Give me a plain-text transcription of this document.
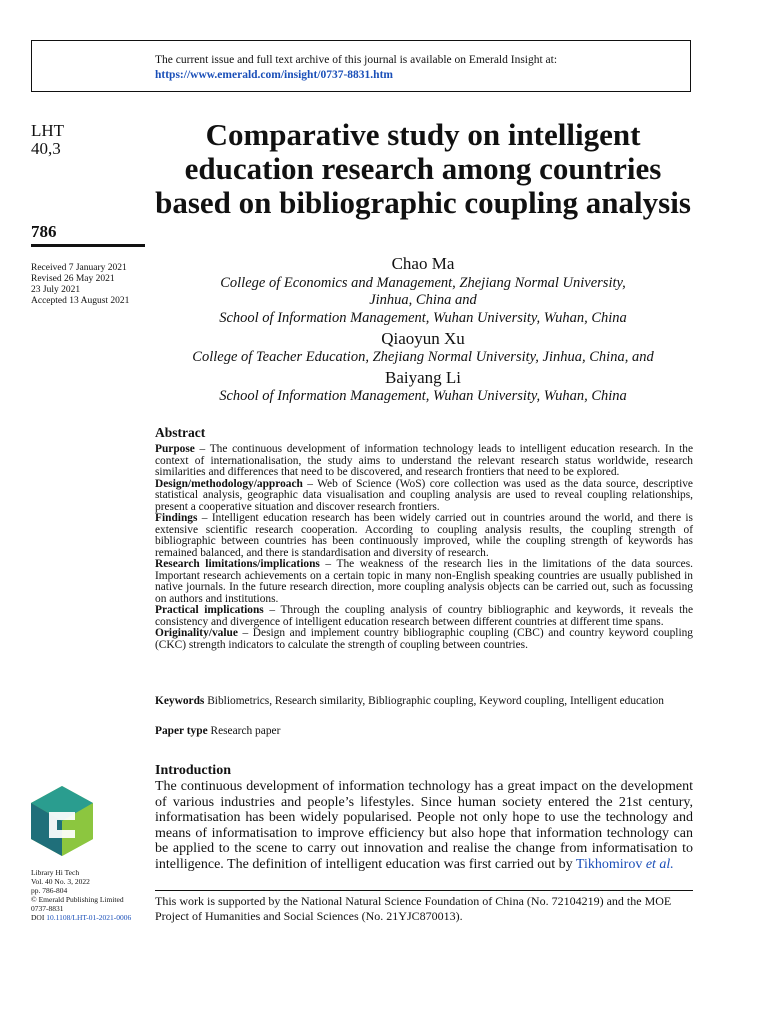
The current issue and full text archive of this journal is available on Emerald Insight at:
https://www.emerald.com/insight/0737-8831.htm
LHT
40,3
786
Received 7 January 2021
Revised 26 May 2021
23 July 2021
Accepted 13 August 2021
Comparative study on intelligent education research among countries based on bibliographic coupling analysis
Chao Ma
College of Economics and Management, Zhejiang Normal University,
Jinhua, China and
School of Information Management, Wuhan University, Wuhan, China
Qiaoyun Xu
College of Teacher Education, Zhejiang Normal University, Jinhua, China, and
Baiyang Li
School of Information Management, Wuhan University, Wuhan, China
Abstract

Purpose – The continuous development of information technology leads to intelligent education research. In the context of internationalisation, the study aims to understand the relevant research status worldwide, research similarities and differences that need to be discovered, and research frontiers that need to be explored.

Design/methodology/approach – Web of Science (WoS) core collection was used as the data source, descriptive statistical analysis, geographic data visualisation and coupling analysis are used to reveal coupling relationships, present a cooperative situation and discover research frontiers.

Findings – Intelligent education research has been widely carried out in countries around the world, and there is extensive scientific research cooperation. According to coupling analysis results, the coupling strength of bibliographic between countries has been continuously improved, while the coupling strength of keywords has remained balanced, and there is standardisation and diversity of research.

Research limitations/implications – The weakness of the research lies in the limitations of the data sources. Important research achievements on a certain topic in many non-English speaking countries are usually published in native journals. In the future research direction, more coupling analysis objects can be carried out, such as focussing on authors and institutions.

Practical implications – Through the coupling analysis of country bibliographic and keywords, it reveals the consistency and divergence of intelligent education research between different countries at different time spans.

Originality/value – Design and implement country bibliographic coupling (CBC) and country keyword coupling (CKC) strength indicators to calculate the strength of coupling between countries.

Keywords Bibliometrics, Research similarity, Bibliographic coupling, Keyword coupling, Intelligent education
Paper type Research paper
Introduction
The continuous development of information technology has a great impact on the development of various industries and people’s lifestyles. Since human society entered the 21st century, informatisation has been widely popularised. People not only hope to use the technology and means of informatisation to improve efficiency but also hope that information technology can be applied to the scene to carry out innovation and realise the change from informatisation to intelligence. The definition of intelligent education was first carried out by Tikhomirov et al.
This work is supported by the National Natural Science Foundation of China (No. 72104219) and the MOE Project of Humanities and Social Sciences (No. 21YJC870013).
Library Hi Tech
Vol. 40 No. 3, 2022
pp. 786-804
© Emerald Publishing Limited
0737-8831
DOI 10.1108/LHT-01-2021-0006
